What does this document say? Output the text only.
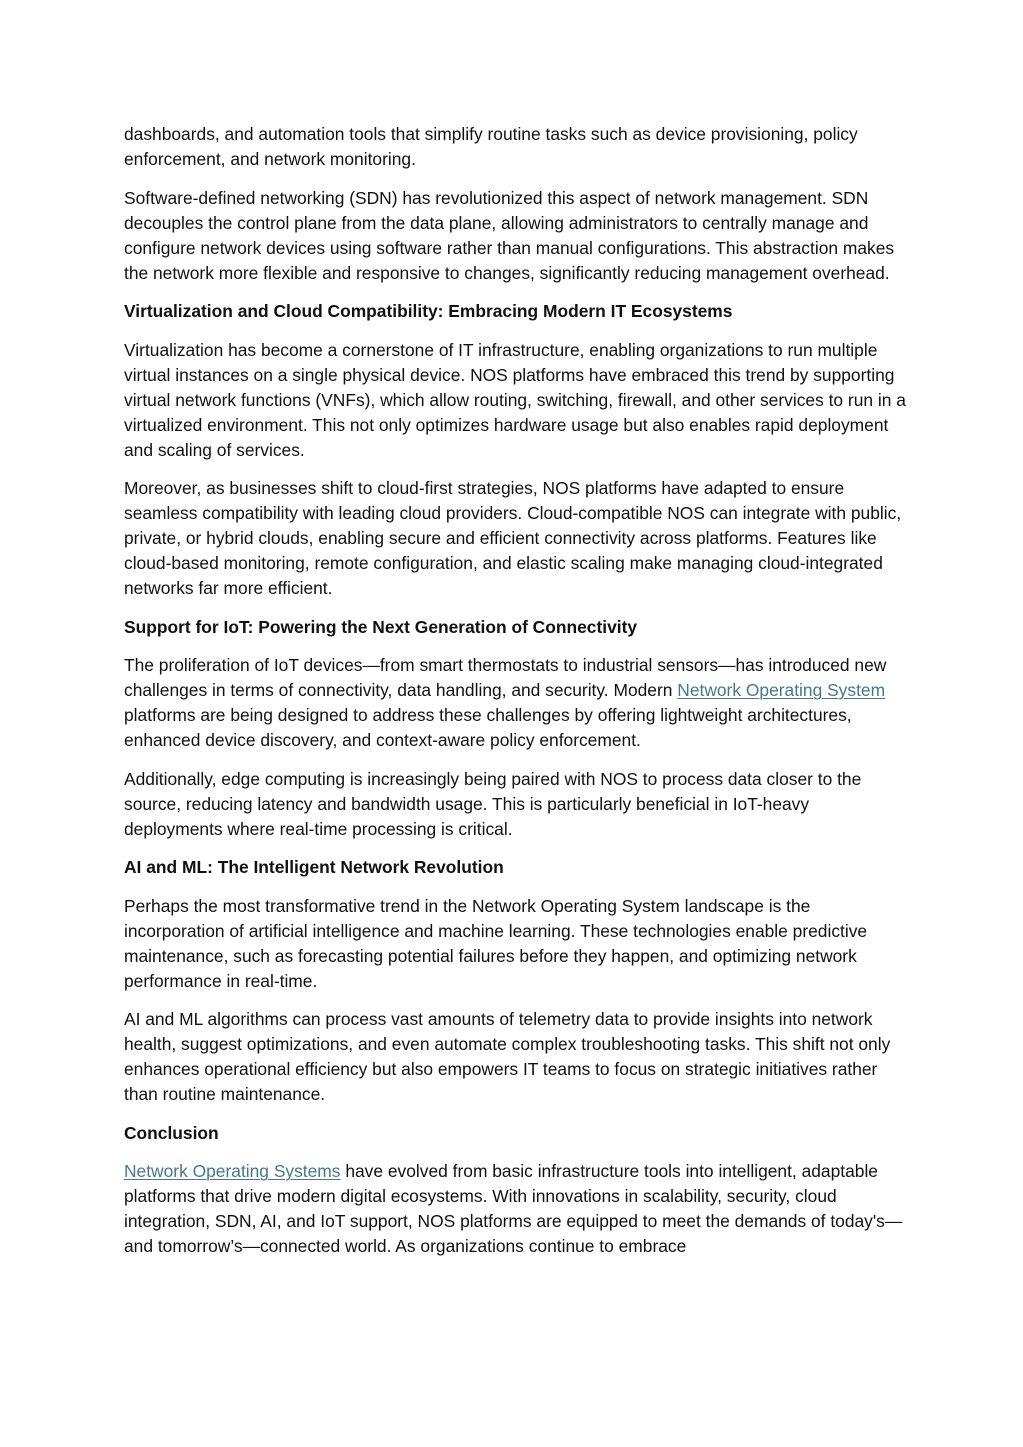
dashboards, and automation tools that simplify routine tasks such as device provisioning, policy enforcement, and network monitoring.

Software-defined networking (SDN) has revolutionized this aspect of network management. SDN decouples the control plane from the data plane, allowing administrators to centrally manage and configure network devices using software rather than manual configurations. This abstraction makes the network more flexible and responsive to changes, significantly reducing management overhead.

Virtualization and Cloud Compatibility: Embracing Modern IT Ecosystems

Virtualization has become a cornerstone of IT infrastructure, enabling organizations to run multiple virtual instances on a single physical device. NOS platforms have embraced this trend by supporting virtual network functions (VNFs), which allow routing, switching, firewall, and other services to run in a virtualized environment. This not only optimizes hardware usage but also enables rapid deployment and scaling of services.

Moreover, as businesses shift to cloud-first strategies, NOS platforms have adapted to ensure seamless compatibility with leading cloud providers. Cloud-compatible NOS can integrate with public, private, or hybrid clouds, enabling secure and efficient connectivity across platforms. Features like cloud-based monitoring, remote configuration, and elastic scaling make managing cloud-integrated networks far more efficient.

Support for IoT: Powering the Next Generation of Connectivity

The proliferation of IoT devices—from smart thermostats to industrial sensors—has introduced new challenges in terms of connectivity, data handling, and security. Modern Network Operating System platforms are being designed to address these challenges by offering lightweight architectures, enhanced device discovery, and context-aware policy enforcement.

Additionally, edge computing is increasingly being paired with NOS to process data closer to the source, reducing latency and bandwidth usage. This is particularly beneficial in IoT-heavy deployments where real-time processing is critical.

AI and ML: The Intelligent Network Revolution

Perhaps the most transformative trend in the Network Operating System landscape is the incorporation of artificial intelligence and machine learning. These technologies enable predictive maintenance, such as forecasting potential failures before they happen, and optimizing network performance in real-time.

AI and ML algorithms can process vast amounts of telemetry data to provide insights into network health, suggest optimizations, and even automate complex troubleshooting tasks. This shift not only enhances operational efficiency but also empowers IT teams to focus on strategic initiatives rather than routine maintenance.

Conclusion

Network Operating Systems have evolved from basic infrastructure tools into intelligent, adaptable platforms that drive modern digital ecosystems. With innovations in scalability, security, cloud integration, SDN, AI, and IoT support, NOS platforms are equipped to meet the demands of today's—and tomorrow’s—connected world. As organizations continue to embrace
